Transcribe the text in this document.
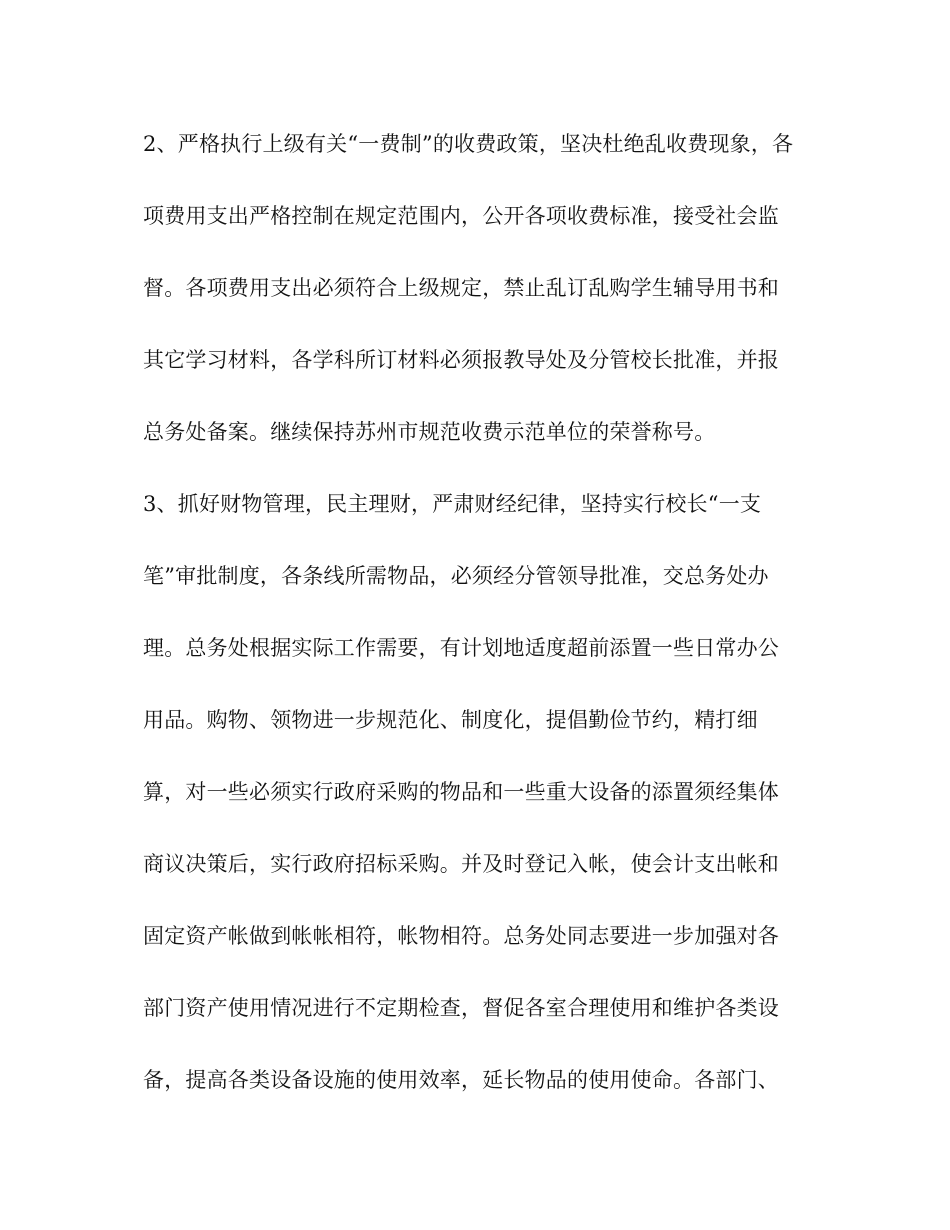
2、严格执行上级有关“一费制”的收费政策，坚决杜绝乱收费现象，各

项费用支出严格控制在规定范围内，公开各项收费标准，接受社会监

督。各项费用支出必须符合上级规定，禁止乱订乱购学生辅导用书和

其它学习材料，各学科所订材料必须报教导处及分管校长批准，并报

总务处备案。继续保持苏州市规范收费示范单位的荣誉称号。

3、抓好财物管理，民主理财，严肃财经纪律，坚持实行校长“一支

笔”审批制度，各条线所需物品，必须经分管领导批准，交总务处办

理。总务处根据实际工作需要，有计划地适度超前添置一些日常办公

用品。购物、领物进一步规范化、制度化，提倡勤俭节约，精打细

算，对一些必须实行政府采购的物品和一些重大设备的添置须经集体

商议决策后，实行政府招标采购。并及时登记入帐，使会计支出帐和

固定资产帐做到帐帐相符，帐物相符。总务处同志要进一步加强对各

部门资产使用情况进行不定期检查，督促各室合理使用和维护各类设

备，提高各类设备设施的使用效率，延长物品的使用使命。各部门、
